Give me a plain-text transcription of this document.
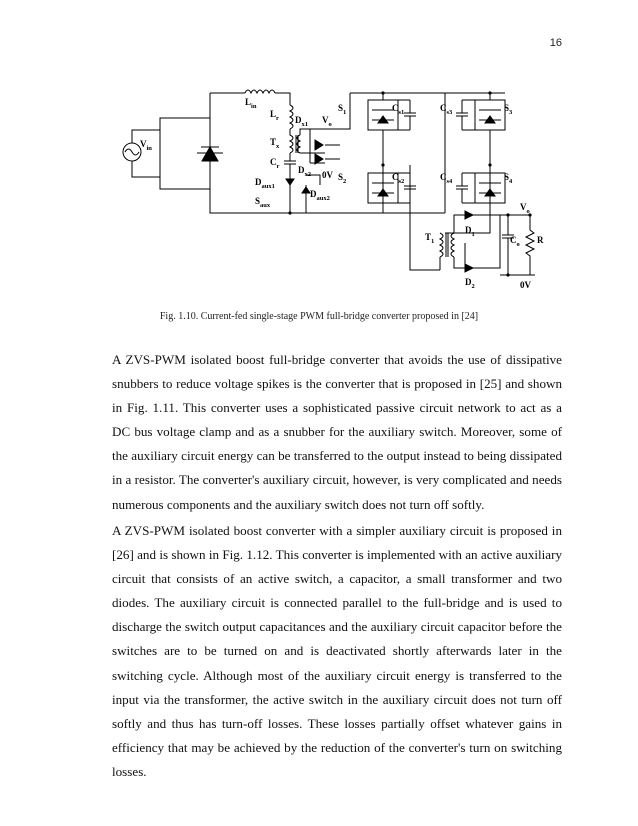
16
$V_{in}$
$L_{in}$
$L_r$
$T_x$
$C_r$
$D_{x1}$
$D_{x2}$
$V_o$
0V
$D_{aux1}$
$D_{aux2}$
$S_{aux}$
$S_1$
$S_2$
$S_3$
$S_4$
$C_{s1}$
$C_{s2}$
$C_{s3}$
$C_{s4}$
$T_1$
$D_1$
$D_2$
$C_o$ R
$V_o$
0V
Fig. 1.10. Current-fed single-stage PWM full-bridge converter proposed in [24]

A ZVS-PWM isolated boost full-bridge converter that avoids the use of dissipative snubbers to reduce voltage spikes is the converter that is proposed in [25] and shown in Fig. 1.11. This converter uses a sophisticated passive circuit network to act as a DC bus voltage clamp and as a snubber for the auxiliary switch. Moreover, some of the auxiliary circuit energy can be transferred to the output instead to being dissipated in a resistor. The converter's auxiliary circuit, however, is very complicated and needs numerous components and the auxiliary switch does not turn off softly.

A ZVS-PWM isolated boost converter with a simpler auxiliary circuit is proposed in [26] and is shown in Fig. 1.12. This converter is implemented with an active auxiliary circuit that consists of an active switch, a capacitor, a small transformer and two diodes. The auxiliary circuit is connected parallel to the full-bridge and is used to discharge the switch output capacitances and the auxiliary circuit capacitor before the switches are to be turned on and is deactivated shortly afterwards later in the switching cycle. Although most of the auxiliary circuit energy is transferred to the input via the transformer, the active switch in the auxiliary circuit does not turn off softly and thus has turn-off losses. These losses partially offset whatever gains in efficiency that may be achieved by the reduction of the converter's turn on switching losses.
